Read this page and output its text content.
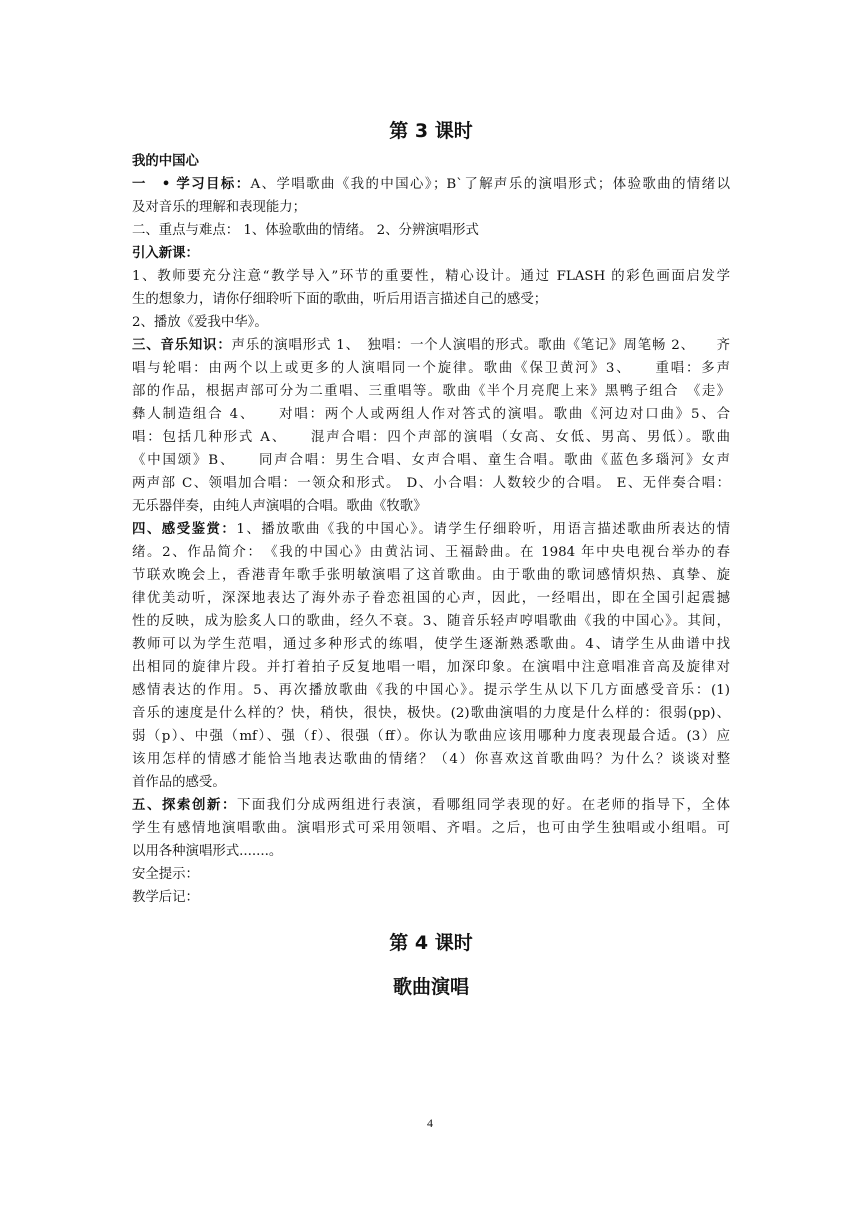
第 3 课时
我的中国心
一　• 学习目标：A、学唱歌曲《我的中国心》；B`了解声乐的演唱形式；体验歌曲的情绪以
及对音乐的理解和表现能力；
二、重点与难点： 1、体验歌曲的情绪。 2、分辨演唱形式
引入新课：
1、教师要充分注意“教学导入”环节的重要性，精心设计。通过 FLASH 的彩色画面启发学
生的想象力，请你仔细聆听下面的歌曲，听后用语言描述自己的感受；
2、播放《爱我中华》。
三、音乐知识：声乐的演唱形式 1、　独唱：一个人演唱的形式。歌曲《笔记》周笔畅 2、　　齐
唱与轮唱：由两个以上或更多的人演唱同一个旋律。歌曲《保卫黄河》3、　　重唱：多声
部的作品，根据声部可分为二重唱、三重唱等。歌曲《半个月亮爬上来》黑鸭子组合　《走》
彝人制造组合 4、　　对唱：两个人或两组人作对答式的演唱。歌曲《河边对口曲》5、合
唱：包括几种形式 A、　　混声合唱：四个声部的演唱（女高、女低、男高、男低）。歌曲
《中国颂》B、　　同声合唱：男生合唱、女声合唱、童生合唱。歌曲《蓝色多瑙河》女声
两声部 C、领唱加合唱：一领众和形式。 D、小合唱：人数较少的合唱。 E、无伴奏合唱：
无乐器伴奏，由纯人声演唱的合唱。歌曲《牧歌》
四、感受鉴赏：1、播放歌曲《我的中国心》。请学生仔细聆听，用语言描述歌曲所表达的情
绪。2、作品简介：　《我的中国心》由黄沾词、王福龄曲。在 1984 年中央电视台举办的春
节联欢晚会上，香港青年歌手张明敏演唱了这首歌曲。由于歌曲的歌词感情炽热、真挚、旋
律优美动听，深深地表达了海外赤子眷恋祖国的心声，因此，一经唱出，即在全国引起震撼
性的反映，成为脍炙人口的歌曲，经久不衰。3、随音乐轻声哼唱歌曲《我的中国心》。其间，
教师可以为学生范唱，通过多种形式的练唱，使学生逐渐熟悉歌曲。4、请学生从曲谱中找
出相同的旋律片段。并打着拍子反复地唱一唱，加深印象。在演唱中注意唱准音高及旋律对
感情表达的作用。5、再次播放歌曲《我的中国心》。提示学生从以下几方面感受音乐：(1)
音乐的速度是什么样的？快，稍快，很快，极快。(2)歌曲演唱的力度是什么样的：很弱(pp)、
弱（p）、中强（mf）、强（f）、很强（ff）。你认为歌曲应该用哪种力度表现最合适。(3）应
该用怎样的情感才能恰当地表达歌曲的情绪？（4）你喜欢这首歌曲吗？为什么？谈谈对整
首作品的感受。
五、探索创新：下面我们分成两组进行表演，看哪组同学表现的好。在老师的指导下，全体
学生有感情地演唱歌曲。演唱形式可采用领唱、齐唱。之后，也可由学生独唱或小组唱。可
以用各种演唱形式.......。
安全提示：
教学后记：
第 4 课时
歌曲演唱
4
